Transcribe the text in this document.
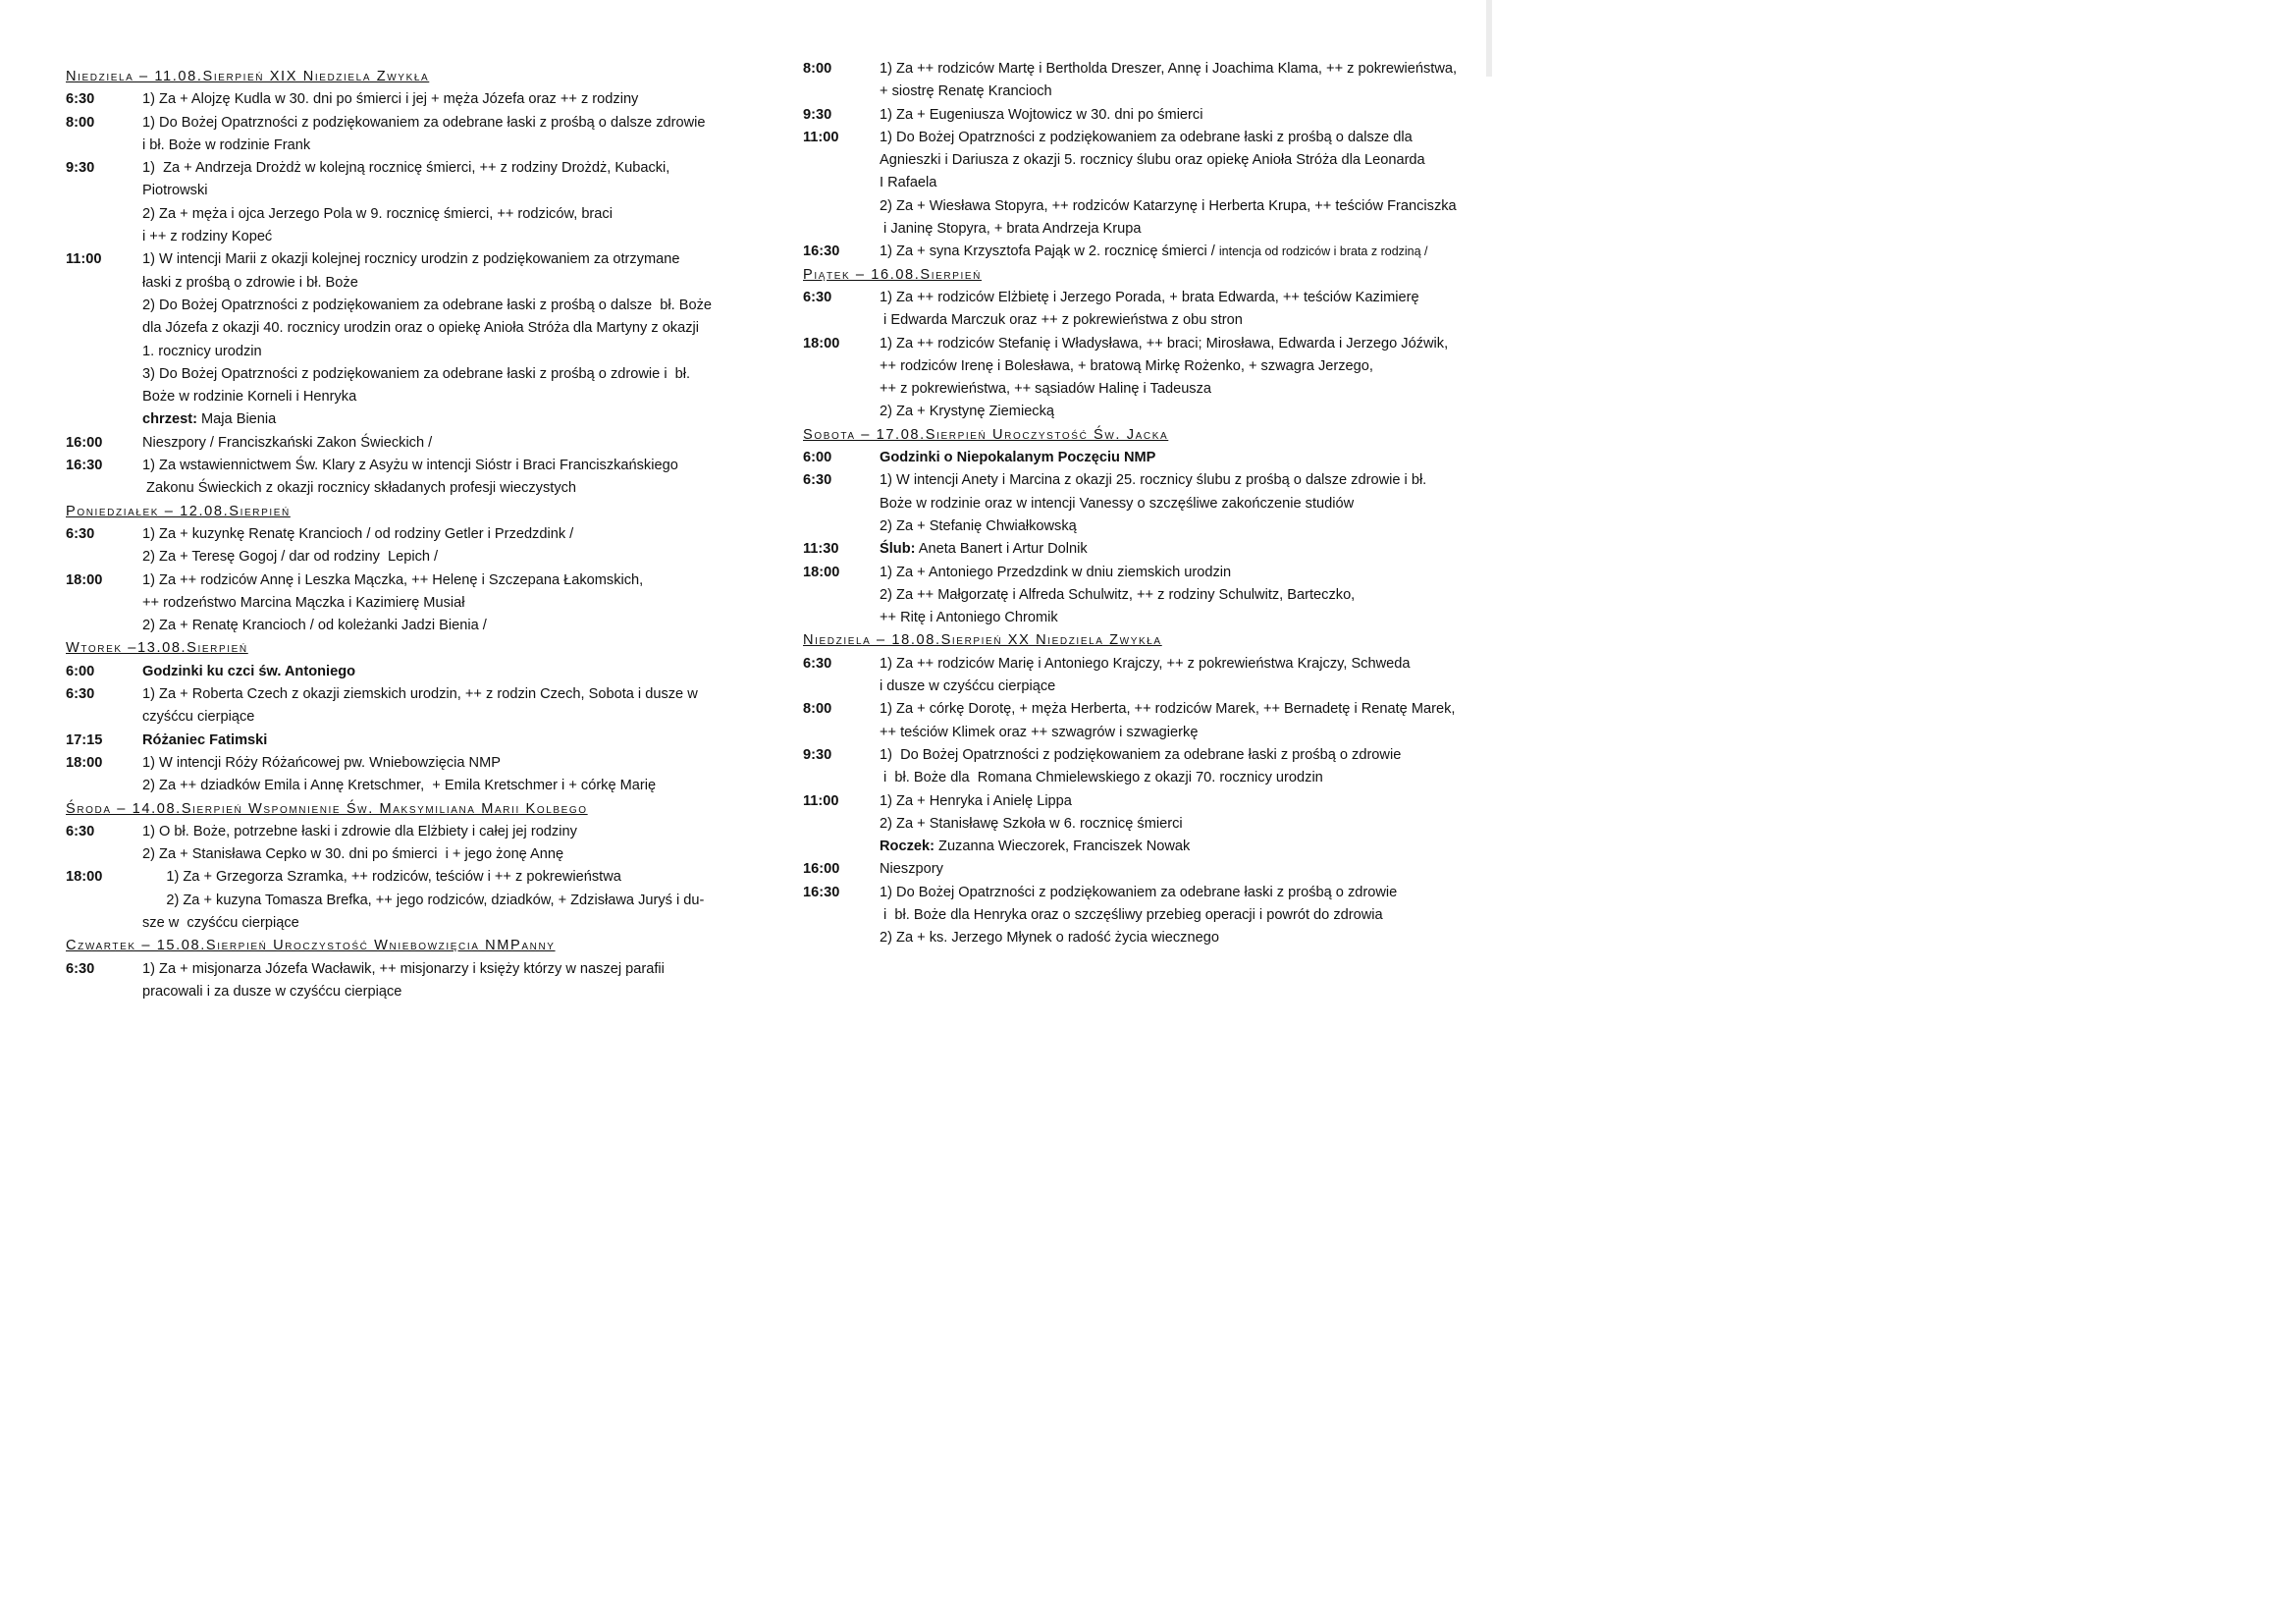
Niedziela – 11.08.Sierpień XIX Niedziela Zwykła
6:30	1) Za + Alojzę Kudla w 30. dni po śmierci i jej + męża Józefa oraz ++ z rodziny
8:00	1) Do Bożej Opatrzności z podziękowaniem za odebrane łaski z prośbą o dalsze zdrowie
i bł. Boże w rodzinie Frank
9:30	1)  Za + Andrzeja Drożdż w kolejną rocznicę śmierci, ++ z rodziny Drożdż, Kubacki,
Piotrowski
2) Za + męża i ojca Jerzego Pola w 9. rocznicę śmierci, ++ rodziców, braci
i ++ z rodziny Kopeć
11:00	1) W intencji Marii z okazji kolejnej rocznicy urodzin z podziękowaniem za otrzymane
łaski z prośbą o zdrowie i bł. Boże
2) Do Bożej Opatrzności z podziękowaniem za odebrane łaski z prośbą o dalsze  bł. Boże
dla Józefa z okazji 40. rocznicy urodzin oraz o opiekę Anioła Stróża dla Martyny z okazji
1. rocznicy urodzin
3) Do Bożej Opatrzności z podziękowaniem za odebrane łaski z prośbą o zdrowie i  bł.
Boże w rodzinie Korneli i Henryka
chrzest: Maja Bienia
16:00	Nieszpory / Franciszkański Zakon Świeckich /
16:30	1) Za wstawiennictwem Św. Klary z Asyżu w intencji Sióstr i Braci Franciszkańskiego
Zakonu Świeckich z okazji rocznicy składanych profesji wieczystych
Poniedziałek – 12.08.Sierpień
6:30	1) Za + kuzynkę Renatę Krancioch / od rodziny Getler i Przedzdink /
2) Za + Teresę Gogoj / dar od rodziny  Lepich /
18:00	1) Za ++ rodziców Annę i Leszka Mączka, ++ Helenę i Szczepana Łakomskich,
++ rodzeństwo Marcina Mączka i Kazimierę Musiał
2) Za + Renatę Krancioch / od koleżanki Jadzi Bienia /
Wtorek –13.08.Sierpień
6:00	Godzinki ku czci św. Antoniego
6:30	1) Za + Roberta Czech z okazji ziemskich urodzin, ++ z rodzin Czech, Sobota i dusze w
czyśćcu cierpiące
17:15	Różaniec Fatimski
18:00	1) W intencji Róży Różańcowej pw. Wniebowzięcia NMP
2) Za ++ dziadków Emila i Annę Kretschmer,  + Emila Kretschmer i + córkę Marię
Środa – 14.08.Sierpień Wspomnienie Św. Maksymiliana Marii Kolbego
6:30	1) O bł. Boże, potrzebne łaski i zdrowie dla Elżbiety i całej jej rodziny
2) Za + Stanisława Cepko w 30. dni po śmierci  i + jego żonę Annę
18:00	1) Za + Grzegorza Szramka, ++ rodziców, teściów i ++ z pokrewieństwa
2) Za + kuzyna Tomasza Brefka, ++ jego rodziców, dziadków, + Zdzisława Juryś i du-
sze w  czyśćcu cierpiące
Czwartek – 15.08.Sierpień Uroczystość Wniebowzięcia NMPanny
6:30	1) Za + misjonarza Józefa Wacławik, ++ misjonarzy i księży którzy w naszej parafii
pracowali i za dusze w czyśćcu cierpiące
8:00	1) Za ++ rodziców Martę i Bertholda Dreszer, Annę i Joachima Klama, ++ z pokrewieństwa,
+ siostrę Renatę Krancioch
9:30	1) Za + Eugeniusza Wojtowicz w 30. dni po śmierci
11:00	1) Do Bożej Opatrzności z podziękowaniem za odebrane łaski z prośbą o dalsze dla
Agnieszki i Dariusza z okazji 5. rocznicy ślubu oraz opiekę Anioła Stróża dla Leonarda
I Rafaela
2) Za + Wiesława Stopyra, ++ rodziców Katarzynę i Herberta Krupa, ++ teściów Franciszka
i Janinę Stopyra, + brata Andrzeja Krupa
16:30	1) Za + syna Krzysztofa Pająk w 2. rocznicę śmierci / intencja od rodziców i brata z rodziną /
Piątek – 16.08.Sierpień
6:30	1) Za ++ rodziców Elżbietę i Jerzego Porada, + brata Edwarda, ++ teściów Kazimierę
i Edwarda Marczuk oraz ++ z pokrewieństwa z obu stron
18:00	1) Za ++ rodziców Stefanię i Władysława, ++ braci; Mirosława, Edwarda i Jerzego Jóźwik,
++ rodziców Irenę i Bolesława, + bratową Mirkę Rożenko, + szwagra Jerzego,
++ z pokrewieństwa, ++ sąsiadów Halinę i Tadeusza
2) Za + Krystynę Ziemiecką
Sobota – 17.08.Sierpień Uroczystość Św. Jacka
6:00	Godzinki o Niepokalanym Poczęciu NMP
6:30	1) W intencji Anety i Marcina z okazji 25. rocznicy ślubu z prośbą o dalsze zdrowie i bł.
Boże w rodzinie oraz w intencji Vanessy o szczęśliwe zakończenie studiów
2) Za + Stefanię Chwiałkowską
11:30	Ślub: Aneta Banert i Artur Dolnik
18:00	1) Za + Antoniego Przedzdink w dniu ziemskich urodzin
2) Za ++ Małgorzatę i Alfreda Schulwitz, ++ z rodziny Schulwitz, Barteczko,
++ Ritę i Antoniego Chromik
Niedziela – 18.08.Sierpień XX Niedziela Zwykła
6:30	1) Za ++ rodziców Marię i Antoniego Krajczy, ++ z pokrewieństwa Krajczy, Schweda
i dusze w czyśćcu cierpiące
8:00	1) Za + córkę Dorotę, + męża Herberta, ++ rodziców Marek, ++ Bernadetę i Renatę Marek,
++ teściów Klimek oraz ++ szwagrów i szwagierkę
9:30	1)  Do Bożej Opatrzności z podziękowaniem za odebrane łaski z prośbą o zdrowie
i  bł. Boże dla  Romana Chmielewskiego z okazji 70. rocznicy urodzin
11:00	1) Za + Henryka i Anielę Lippa
2) Za + Stanisławę Szkoła w 6. rocznicę śmierci
Roczek: Zuzanna Wieczorek, Franciszek Nowak
16:00	Nieszpory
16:30	1) Do Bożej Opatrzności z podziękowaniem za odebrane łaski z prośbą o zdrowie
i  bł. Boże dla Henryka oraz o szczęśliwy przebieg operacji i powrót do zdrowia
2) Za + ks. Jerzego Młynek o radość życia wiecznego
